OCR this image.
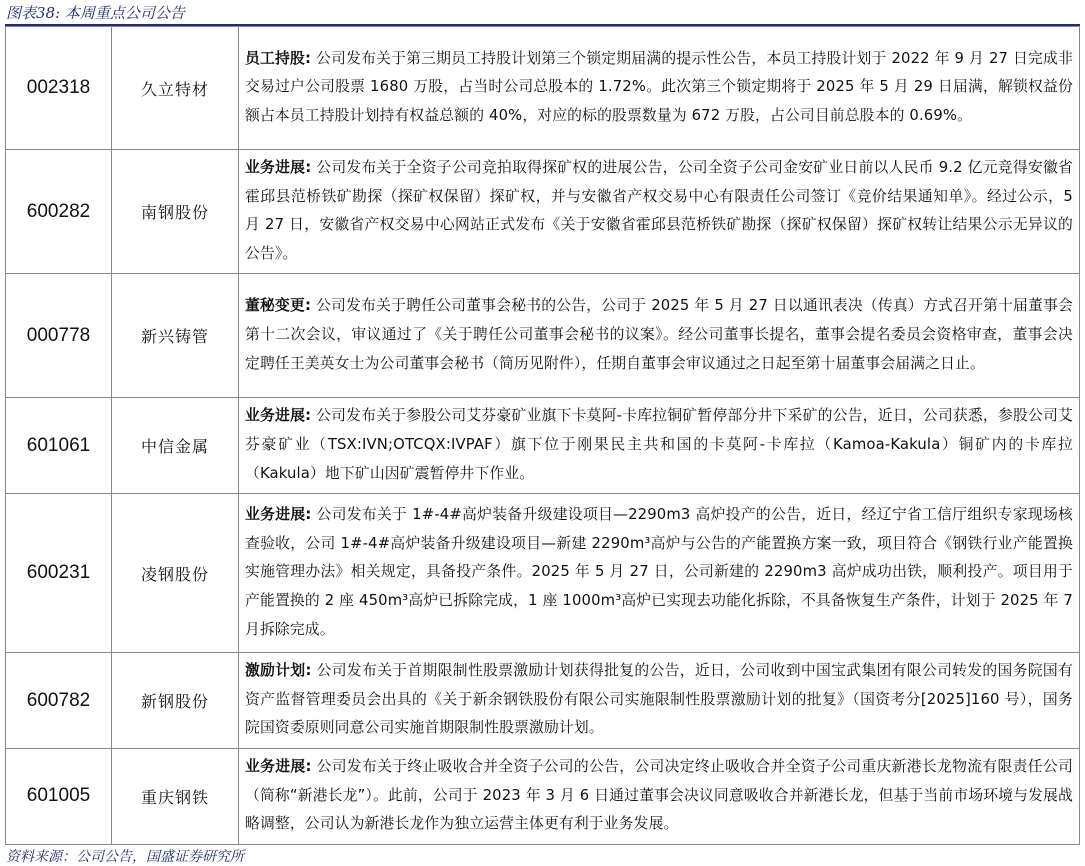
图表38: 本周重点公司公告
002318	久立特材	员工持股: 公司发布关于第三期员工持股计划第三个锁定期届满的提示性公告，本员工持股计划于 2022 年 9 月 27 日完成非交易过户公司股票 1680 万股，占当时公司总股本的 1.72%。此次第三个锁定期将于 2025 年 5 月 29 日届满，解锁权益份额占本员工持股计划持有权益总额的 40%，对应的标的股票数量为 672 万股，占公司目前总股本的 0.69%。
600282	南钢股份	业务进展: 公司发布关于全资子公司竞拍取得探矿权的进展公告，公司全资子公司金安矿业日前以人民币 9.2 亿元竞得安徽省霍邱县范桥铁矿勘探（探矿权保留）探矿权，并与安徽省产权交易中心有限责任公司签订《竞价结果通知单》。经过公示，5 月 27 日，安徽省产权交易中心网站正式发布《关于安徽省霍邱县范桥铁矿勘探（探矿权保留）探矿权转让结果公示无异议的公告》。
000778	新兴铸管	董秘变更: 公司发布关于聘任公司董事会秘书的公告，公司于 2025 年 5 月 27 日以通讯表决（传真）方式召开第十届董事会第十二次会议，审议通过了《关于聘任公司董事会秘书的议案》。经公司董事长提名，董事会提名委员会资格审查，董事会决定聘任王美英女士为公司董事会秘书（简历见附件），任期自董事会审议通过之日起至第十届董事会届满之日止。
601061	中信金属	业务进展: 公司发布关于参股公司艾芬豪矿业旗下卡莫阿-卡库拉铜矿暂停部分井下采矿的公告，近日，公司获悉，参股公司艾芬豪矿业（TSX:IVN;OTCQX:IVPAF）旗下位于刚果民主共和国的卡莫阿-卡库拉（Kamoa-Kakula）铜矿内的卡库拉（Kakula）地下矿山因矿震暂停井下作业。
600231	凌钢股份	业务进展: 公司发布关于 1#-4#高炉装备升级建设项目—2290m3 高炉投产的公告，近日，经辽宁省工信厅组织专家现场核查验收，公司 1#-4#高炉装备升级建设项目—新建 2290m³高炉与公告的产能置换方案一致，项目符合《钢铁行业产能置换实施管理办法》相关规定，具备投产条件。2025 年 5 月 27 日，公司新建的 2290m3 高炉成功出铁，顺利投产。项目用于产能置换的 2 座 450m³高炉已拆除完成，1 座 1000m³高炉已实现去功能化拆除，不具备恢复生产条件，计划于 2025 年 7 月拆除完成。
600782	新钢股份	激励计划: 公司发布关于首期限制性股票激励计划获得批复的公告，近日，公司收到中国宝武集团有限公司转发的国务院国有资产监督管理委员会出具的《关于新余钢铁股份有限公司实施限制性股票激励计划的批复》（国资考分[2025]160 号），国务院国资委原则同意公司实施首期限制性股票激励计划。
601005	重庆钢铁	业务进展: 公司发布关于终止吸收合并全资子公司的公告，公司决定终止吸收合并全资子公司重庆新港长龙物流有限责任公司（简称“新港长龙”）。此前，公司于 2023 年 3 月 6 日通过董事会决议同意吸收合并新港长龙，但基于当前市场环境与发展战略调整，公司认为新港长龙作为独立运营主体更有利于业务发展。
资料来源：公司公告，国盛证券研究所
